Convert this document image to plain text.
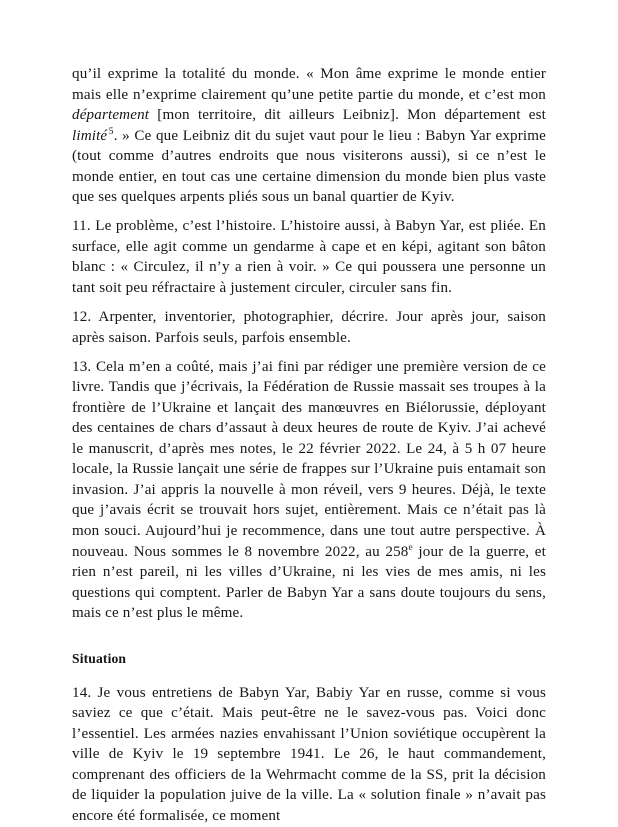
qu’il exprime la totalité du monde. « Mon âme exprime le monde entier mais elle n’exprime clairement qu’une petite partie du monde, et c’est mon département [mon territoire, dit ailleurs Leibniz]. Mon département est limité $^5$. » Ce que Leibniz dit du sujet vaut pour le lieu : Babyn Yar exprime (tout comme d’autres endroits que nous visiterons aussi), si ce n’est le monde entier, en tout cas une certaine dimension du monde bien plus vaste que ses quelques arpents pliés sous un banal quartier de Kyiv.

11. Le problème, c’est l’histoire. L’histoire aussi, à Babyn Yar, est pliée. En surface, elle agit comme un gendarme à cape et en képi, agitant son bâton blanc : « Circulez, il n’y a rien à voir. » Ce qui poussera une personne un tant soit peu réfractaire à justement circuler, circuler sans fin.

12. Arpenter, inventorier, photographier, décrire. Jour après jour, saison après saison. Parfois seuls, parfois ensemble.

13. Cela m’en a coûté, mais j’ai fini par rédiger une première version de ce livre. Tandis que j’écrivais, la Fédération de Russie massait ses troupes à la frontière de l’Ukraine et lançait des manœuvres en Biélorussie, déployant des centaines de chars d’assaut à deux heures de route de Kyiv. J’ai achevé le manuscrit, d’après mes notes, le 22 février 2022. Le 24, à 5 h 07 heure locale, la Russie lançait une série de frappes sur l’Ukraine puis entamait son invasion. J’ai appris la nouvelle à mon réveil, vers 9 heures. Déjà, le texte que j’avais écrit se trouvait hors sujet, entièrement. Mais ce n’était pas là mon souci. Aujourd’hui je recommence, dans une tout autre perspective. À nouveau. Nous sommes le 8 novembre 2022, au 258e jour de la guerre, et rien n’est pareil, ni les villes d’Ukraine, ni les vies de mes amis, ni les questions qui comptent. Parler de Babyn Yar a sans doute toujours du sens, mais ce n’est plus le même.

Situation

14. Je vous entretiens de Babyn Yar, Babiy Yar en russe, comme si vous saviez ce que c’était. Mais peut-être ne le savez-vous pas. Voici donc l’essentiel. Les armées nazies envahissant l’Union soviétique occupèrent la ville de Kyiv le 19 septembre 1941. Le 26, le haut commandement, comprenant des officiers de la Wehrmacht comme de la SS, prit la décision de liquider la population juive de la ville. La « solution finale » n’avait pas encore été formalisée, ce moment
